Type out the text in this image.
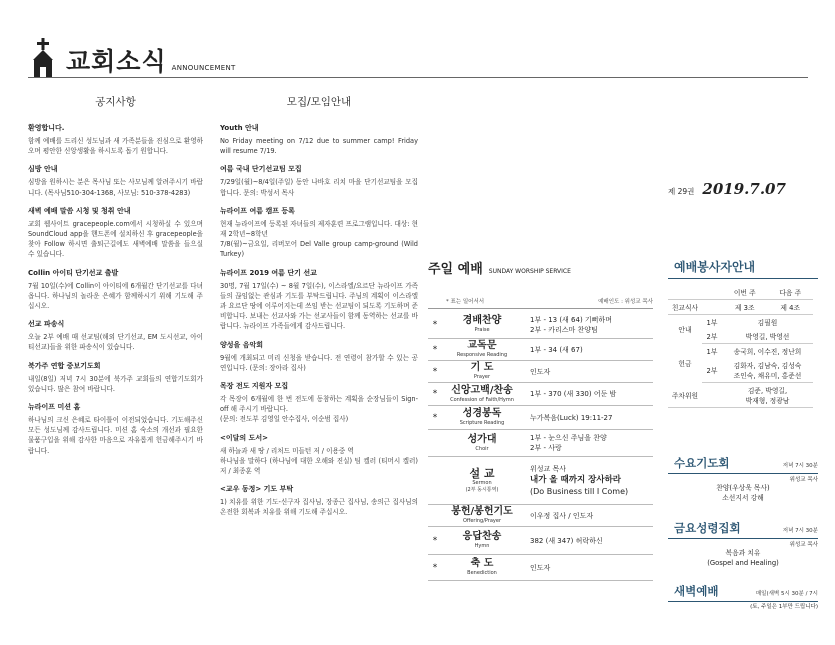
교회소식 ANNOUNCEMENT
공지사항
환영합니다.

함께 예배를 드리신 성도님과 새 가족분들을 진심으로 환영하오며 평안한 신앙생활을 하시도록 돕기 원합니다.

심방 안내

심방을 원하시는 분은 목사님 또는 사모님께 알려주시기 바랍니다. (목사님510-304-1368, 사모님: 510-378-4283)

새벽 예배 말씀 시청 및 청취 안내

교회 웹사이트 gracepeople.com에서 시청하실 수 있으며 SoundCloud app을 핸드폰에 설치하신 후 gracepeople을 찾아 Follow 하시면 출퇴근길에도 새벽예배 말씀을 들으실 수 있습니다.

Collin 아이티 단기선교 출발

7월 10일(수)에 Collin이 아이티에 6개월간 단기선교를 다녀옵니다. 하나님의 놀라운 은혜가 함께하시기 위해 기도해 주십시오.

선교 파송식

오늘 2부 예배 때 선교팀(해외 단기선교, EM 도시선교, 아이티선교)들을 위한 파송식이 있습니다.

북가주 연합 중보기도회

내일(8일) 저녁 7시 30분에 북가주 교회들의 연합기도회가 있습니다. 많은 참여 바랍니다.

뉴라이프 미션 홈

하나님의 크신 은혜로 타이틀이 이전되었습니다. 기도해주신 모든 성도님께 감사드립니다. 미션 홈 숙소의 개선과 필요한 물품구입을 위해 감사한 마음으로 자유롭게 헌금해주시기 바랍니다.

모집/모임안내
Youth 안내

No Friday meeting on 7/12 due to summer camp! Friday will resume 7/19.

여름 국내 단기선교팀 모집

7/29일(월)~8/4일(주일) 동안 나바호 리치 마을 단기선교팀을 모집합니다. 문의: 박성서 목사

뉴라이프 여름 캠프 등록

현재 뉴라이프에 등록된 자녀들의 제자훈련 프로그램입니다. 대상: 현재 2학년~8학년
7/8(월)~금요일, 리버모어 Del Valle group camp-ground (Wild Turkey)

뉴라이프 2019 여름 단기 선교

30명, 7월 17일(수) ~ 8월 7일(수), 이스라엘/요르단 뉴라이프 가족들의 끊임없는 관심과 기도를 부탁드립니다. 주님의 계획이 이스라엘과 요르단 땅에 이루어지는데 쓰임 받는 선교팀이 되도록 기도하며 준비합니다. 보내는 선교사와 가는 선교사들이 함께 동역하는 선교를 바랍니다. 뉴라이프 가족들에게 감사드립니다.

양성을 음악회

9월에 개최되고 미리 신청을 받습니다. 전 연령이 참가할 수 있는 공연입니다. (문의: 장아라 집사)

목장 전도 지원자 모집

각 목장이 6개월에 한 번 전도에 동참하는 계획을 순장님들이 Sign-off 해 주시기 바랍니다.
(문의: 전도부 김영일 안수집사, 이순범 집사)

<이달의 도서>

새 하늘과 새 땅 / 리처드 미들턴 저 / 이용중 역
하나님을 말하다 (하나님에 대한 오해와 진실) 팀 켈러 (티머시 켈러) 저 / 최종훈 역

<교우 동정> 기도 부탁

1) 치유를 위한 기도-신구자 집사님, 장종근 집사님, 송의근 집사님의 온전한 회복과 치유를 위해 기도해 주십시오.

제 29권 2019.7.07
주일 예배 SUNDAY WORSHIP SERVICE
* 표는 일어서서	예배인도 : 위성교 목사
*	경배찬양
Praise
1부 - 13 (새 64) 기뻐하며
2부 - 카리스마 찬양팀
*	교독문
Responsive Reading
1부 - 34 (새 67)
*	기 도
Prayer
인도자
*	신앙고백/찬송
Confession of Faith/Hymn
1부 - 370 (새 330) 어둔 밤
*	성경봉독
Scripture Reading
누가복음(Luck) 19:11-27
성가대
Choir
1부 - 눈으신 주님을 찬양
2부 - 사랑
설 교
Sermon
(2부 동시통역)
위성교 목사
내가 올 때까지 장사하라
(Do Business till I Come)
봉헌/봉헌기도
Offering/Prayer
이우정 집사 / 인도자
*	응답찬송
Hymn
382 (새 347) 허락하신
*	축 도
Benediction
인도자
예배봉사자안내
		이번 주	다음 주
친교식사		제 3조	제 4조
안내	1부	김필원	
	2부	박영길, 박영선	
헌금	1부	송국희, 이수진, 정난희	
	2부	김화자, 김남숙, 김성숙
조인숙, 채유미, 홍준선	
주차위원		김준, 박영길,
박재형, 정광남	
수요기도회	저녁 7시 30분
위성교 목사
찬양(우상욱 목사)
소선지서 강해
금요성령집회	저녁 7시 30분
위성교 목사
복음과 치유
(Gospel and Healing)
새벽예배	매일(새벽 5시 30분 / 7시
(토, 주일은 1부만 드립니다)
